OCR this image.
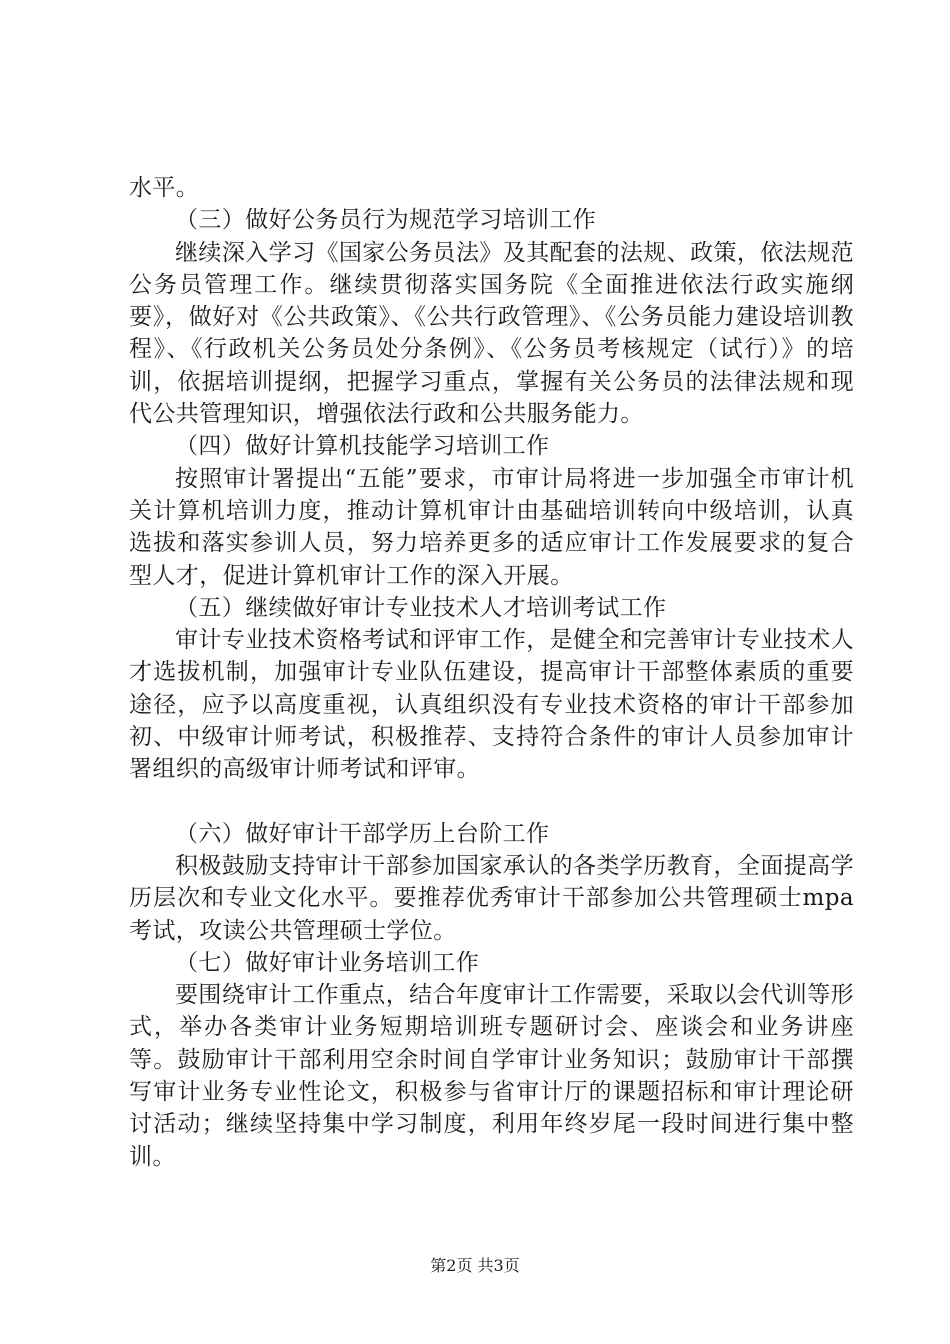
水平。

（三）做好公务员行为规范学习培训工作

继续深入学习《国家公务员法》及其配套的法规、政策，依法规范公务员管理工作。继续贯彻落实国务院《全面推进依法行政实施纲要》，做好对《公共政策》、《公共行政管理》、《公务员能力建设培训教程》、《行政机关公务员处分条例》、《公务员考核规定（试行）》的培训，依据培训提纲，把握学习重点，掌握有关公务员的法律法规和现代公共管理知识，增强依法行政和公共服务能力。

（四）做好计算机技能学习培训工作

按照审计署提出“五能”要求，市审计局将进一步加强全市审计机关计算机培训力度，推动计算机审计由基础培训转向中级培训，认真选拔和落实参训人员，努力培养更多的适应审计工作发展要求的复合型人才，促进计算机审计工作的深入开展。

（五）继续做好审计专业技术人才培训考试工作

审计专业技术资格考试和评审工作，是健全和完善审计专业技术人才选拔机制，加强审计专业队伍建设，提高审计干部整体素质的重要途径，应予以高度重视，认真组织没有专业技术资格的审计干部参加初、中级审计师考试，积极推荐、支持符合条件的审计人员参加审计署组织的高级审计师考试和评审。

（六）做好审计干部学历上台阶工作

积极鼓励支持审计干部参加国家承认的各类学历教育，全面提高学历层次和专业文化水平。要推荐优秀审计干部参加公共管理硕士mpa考试，攻读公共管理硕士学位。

（七）做好审计业务培训工作

要围绕审计工作重点，结合年度审计工作需要，采取以会代训等形式，举办各类审计业务短期培训班专题研讨会、座谈会和业务讲座等。鼓励审计干部利用空余时间自学审计业务知识；鼓励审计干部撰写审计业务专业性论文，积极参与省审计厅的课题招标和审计理论研讨活动；继续坚持集中学习制度，利用年终岁尾一段时间进行集中整训。

第2页 共3页
